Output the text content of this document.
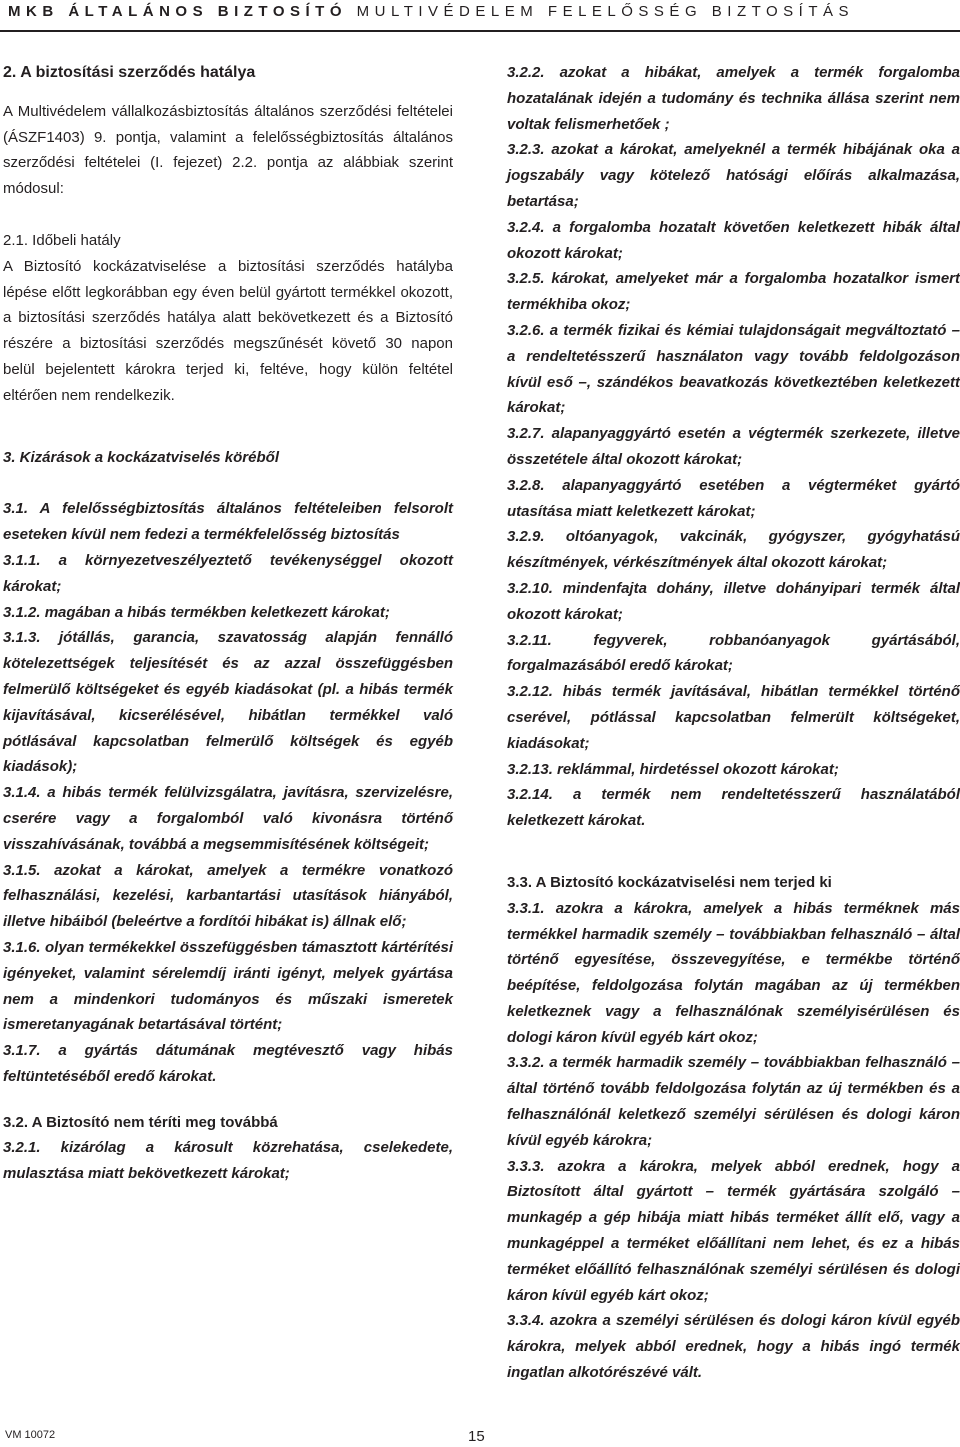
MKB ÁLTALÁNOS BIZTOSÍTÓ MULTIVÉDELEM FELELŐSSÉG BIZTOSÍTÁS

2. A biztosítási szerződés hatálya

A Multivédelem vállalkozásbiztosítás általános szerződési feltételei (ÁSZF1403) 9. pontja, valamint a felelősségbiztosítás általános szerződési feltételei (I. fejezet) 2.2. pontja az alábbiak szerint módosul:

2.1. Időbeli hatály

A Biztosító kockázatviselése a biztosítási szerződés hatályba lépése előtt legkorábban egy éven belül gyártott termékkel okozott, a biztosítási szerződés hatálya alatt bekövetkezett és a Biztosító részére a biztosítási szerződés megszűnését követő 30 napon belül bejelentett károkra terjed ki, feltéve, hogy külön feltétel eltérően nem rendelkezik.

3. Kizárások a kockázatviselés köréből

3.1. A felelősségbiztosítás általános feltételeiben felsorolt eseteken kívül nem fedezi a termékfelelősség biztosítás

3.1.1. a környezetveszélyeztető tevékenységgel okozott károkat;

3.1.2. magában a hibás termékben keletkezett károkat;

3.1.3. jótállás, garancia, szavatosság alapján fennálló kötelezettségek teljesítését és az azzal összefüggésben felmerülő költségeket és egyéb kiadásokat (pl. a hibás termék kijavításával, kicserélésével, hibátlan termékkel való pótlásával kapcsolatban felmerülő költségek és egyéb kiadások);

3.1.4. a hibás termék felülvizsgálatra, javításra, szervizelésre, cserére vagy a forgalomból való kivonásra történő visszahívásának, továbbá a megsemmisítésének költségeit;

3.1.5. azokat a károkat, amelyek a termékre vonatkozó felhasználási, kezelési, karbantartási utasítások hiányából, illetve hibáiból (beleértve a fordítói hibákat is) állnak elő;

3.1.6. olyan termékekkel összefüggésben támasztott kártérítési igényeket, valamint sérelemdíj iránti igényt, melyek gyártása nem a mindenkori tudományos és műszaki ismeretek ismeretanyagának betartásával történt;

3.1.7. a gyártás dátumának megtévesztő vagy hibás feltüntetéséből eredő károkat.

3.2. A Biztosító nem téríti meg továbbá

3.2.1. kizárólag a károsult közrehatása, cselekedete, mulasztása miatt bekövetkezett károkat;

3.2.2. azokat a hibákat, amelyek a termék forgalomba hozatalának idején a tudomány és technika állása szerint nem voltak felismerhetőek ;

3.2.3. azokat a károkat, amelyeknél a termék hibájának oka a jogszabály vagy kötelező hatósági előírás alkalmazása, betartása;

3.2.4. a forgalomba hozatalt követően keletkezett hibák által okozott károkat;

3.2.5. károkat, amelyeket már a forgalomba hozatalkor ismert termékhiba okoz;

3.2.6. a termék fizikai és kémiai tulajdonságait megváltoztató – a rendeltetésszerű használaton vagy tovább feldolgozáson kívül eső –, szándékos beavatkozás következtében keletkezett károkat;

3.2.7. alapanyaggyártó esetén a végtermék szerkezete, illetve összetétele által okozott károkat;

3.2.8. alapanyaggyártó esetében a végterméket gyártó utasítása miatt keletkezett károkat;

3.2.9. oltóanyagok, vakcinák, gyógyszer, gyógyhatású készítmények, vérkészítmények által okozott károkat;

3.2.10. mindenfajta dohány, illetve dohányipari termék által okozott károkat;

3.2.11. fegyverek, robbanóanyagok gyártásából, forgalmazásából eredő károkat;

3.2.12. hibás termék javításával, hibátlan termékkel történő cserével, pótlással kapcsolatban felmerült költségeket, kiadásokat;

3.2.13. reklámmal, hirdetéssel okozott károkat;

3.2.14. a termék nem rendeltetésszerű használatából keletkezett károkat.

3.3. A Biztosító kockázatviselési nem terjed ki

3.3.1. azokra a károkra, amelyek a hibás terméknek más termékkel harmadik személy – továbbiakban felhasználó – által történő egyesítése, összevegyítése, e termékbe történő beépítése, feldolgozása folytán magában az új termékben keletkeznek vagy a felhasználónak személyisérülésen és dologi káron kívül egyéb kárt okoz;

3.3.2. a termék harmadik személy – továbbiakban felhasználó – által történő tovább feldolgozása folytán az új termékben és a felhasználónál keletkező személyi sérülésen és dologi káron kívül egyéb károkra;

3.3.3. azokra a károkra, melyek abból erednek, hogy a Biztosított által gyártott – termék gyártására szolgáló – munkagép a gép hibája miatt hibás terméket állít elő, vagy a munkagéppel a terméket előállítani nem lehet, és ez a hibás terméket előállító felhasználónak személyi sérülésen és dologi káron kívül egyéb kárt okoz;

3.3.4. azokra a személyi sérülésen és dologi káron kívül egyéb károkra, melyek abból erednek, hogy a hibás ingó termék ingatlan alkotórészévé vált.

VM 10072	15
